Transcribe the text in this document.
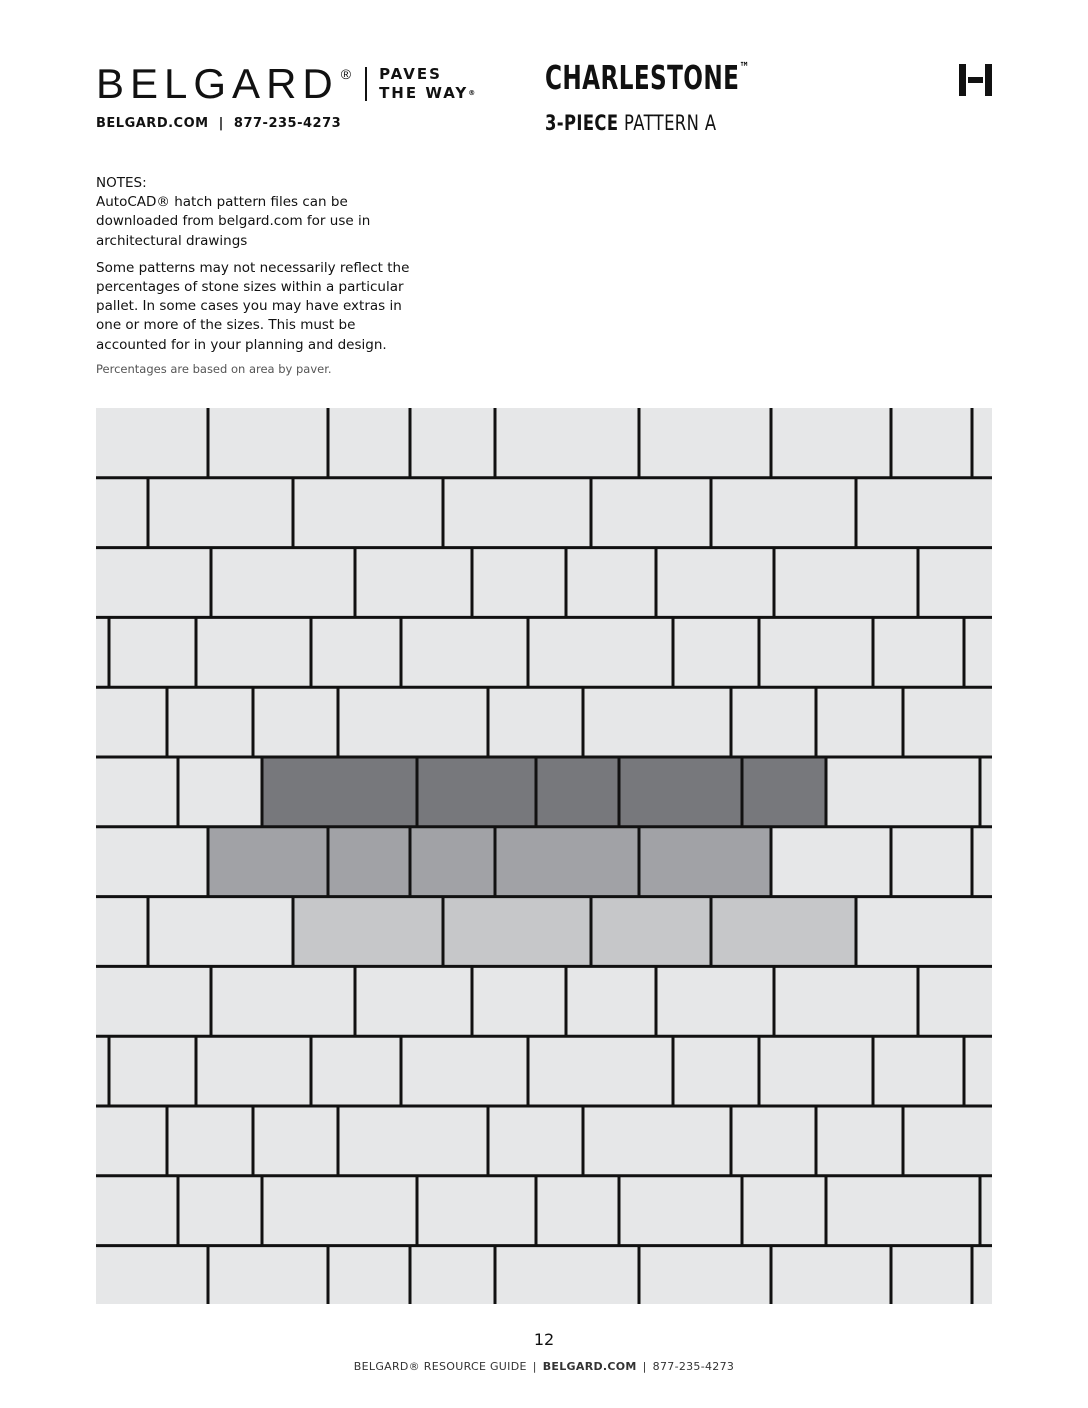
BELGARD ® PAVES
THE WAY®
BELGARD.COM  |  877-235-4273
CHARLESTONE™
3-PIECE PATTERN A
NOTES:

AutoCAD® hatch pattern files can be downloaded from belgard.com for use in architectural drawings

Some patterns may not necessarily reflect the percentages of stone sizes within a particular pallet. In some cases you may have extras in one or more of the sizes. This must be accounted for in your planning and design.

Percentages are based on area by paver.
12
BELGARD® RESOURCE GUIDE | BELGARD.COM | 877-235-4273
